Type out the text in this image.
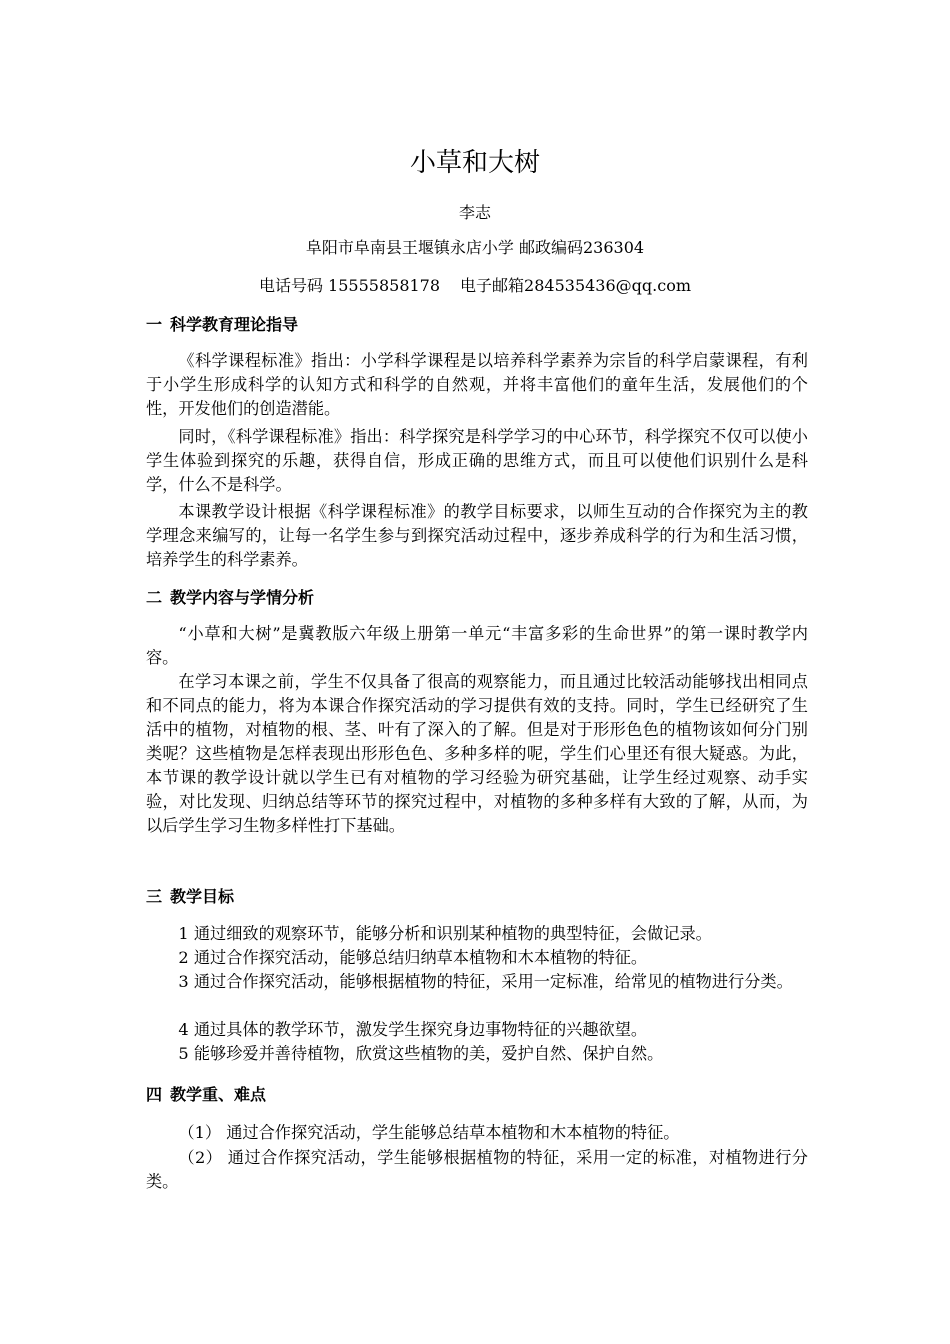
小草和大树
李志
阜阳市阜南县王堰镇永店小学 邮政编码236304
电话号码 15555858178 电子邮箱284535436@qq.com
一 科学教育理论指导

《科学课程标准》指出：小学科学课程是以培养科学素养为宗旨的科学启蒙课程，有利于小学生形成科学的认知方式和科学的自然观，并将丰富他们的童年生活，发展他们的个性，开发他们的创造潜能。

同时，《科学课程标准》指出：科学探究是科学学习的中心环节，科学探究不仅可以使小学生体验到探究的乐趣，获得自信，形成正确的思维方式，而且可以使他们识别什么是科学，什么不是科学。

本课教学设计根据《科学课程标准》的教学目标要求，以师生互动的合作探究为主的教学理念来编写的，让每一名学生参与到探究活动过程中，逐步养成科学的行为和生活习惯，培养学生的科学素养。

二 教学内容与学情分析

“小草和大树”是冀教版六年级上册第一单元“丰富多彩的生命世界”的第一课时教学内容。

在学习本课之前，学生不仅具备了很高的观察能力，而且通过比较活动能够找出相同点和不同点的能力，将为本课合作探究活动的学习提供有效的支持。同时，学生已经研究了生活中的植物，对植物的根、茎、叶有了深入的了解。但是对于形形色色的植物该如何分门别类呢？这些植物是怎样表现出形形色色、多种多样的呢，学生们心里还有很大疑惑。为此，本节课的教学设计就以学生已有对植物的学习经验为研究基础，让学生经过观察、动手实验，对比发现、归纳总结等环节的探究过程中，对植物的多种多样有大致的了解，从而，为以后学生学习生物多样性打下基础。

三 教学目标

1 通过细致的观察环节，能够分析和识别某种植物的典型特征，会做记录。

2 通过合作探究活动，能够总结归纳草本植物和木本植物的特征。

3 通过合作探究活动，能够根据植物的特征，采用一定标准，给常见的植物进行分类。

4 通过具体的教学环节，激发学生探究身边事物特征的兴趣欲望。

5 能够珍爱并善待植物，欣赏这些植物的美，爱护自然、保护自然。

四 教学重、难点

（1） 通过合作探究活动，学生能够总结草本植物和木本植物的特征。

（2） 通过合作探究活动，学生能够根据植物的特征，采用一定的标准，对植物进行分类。
